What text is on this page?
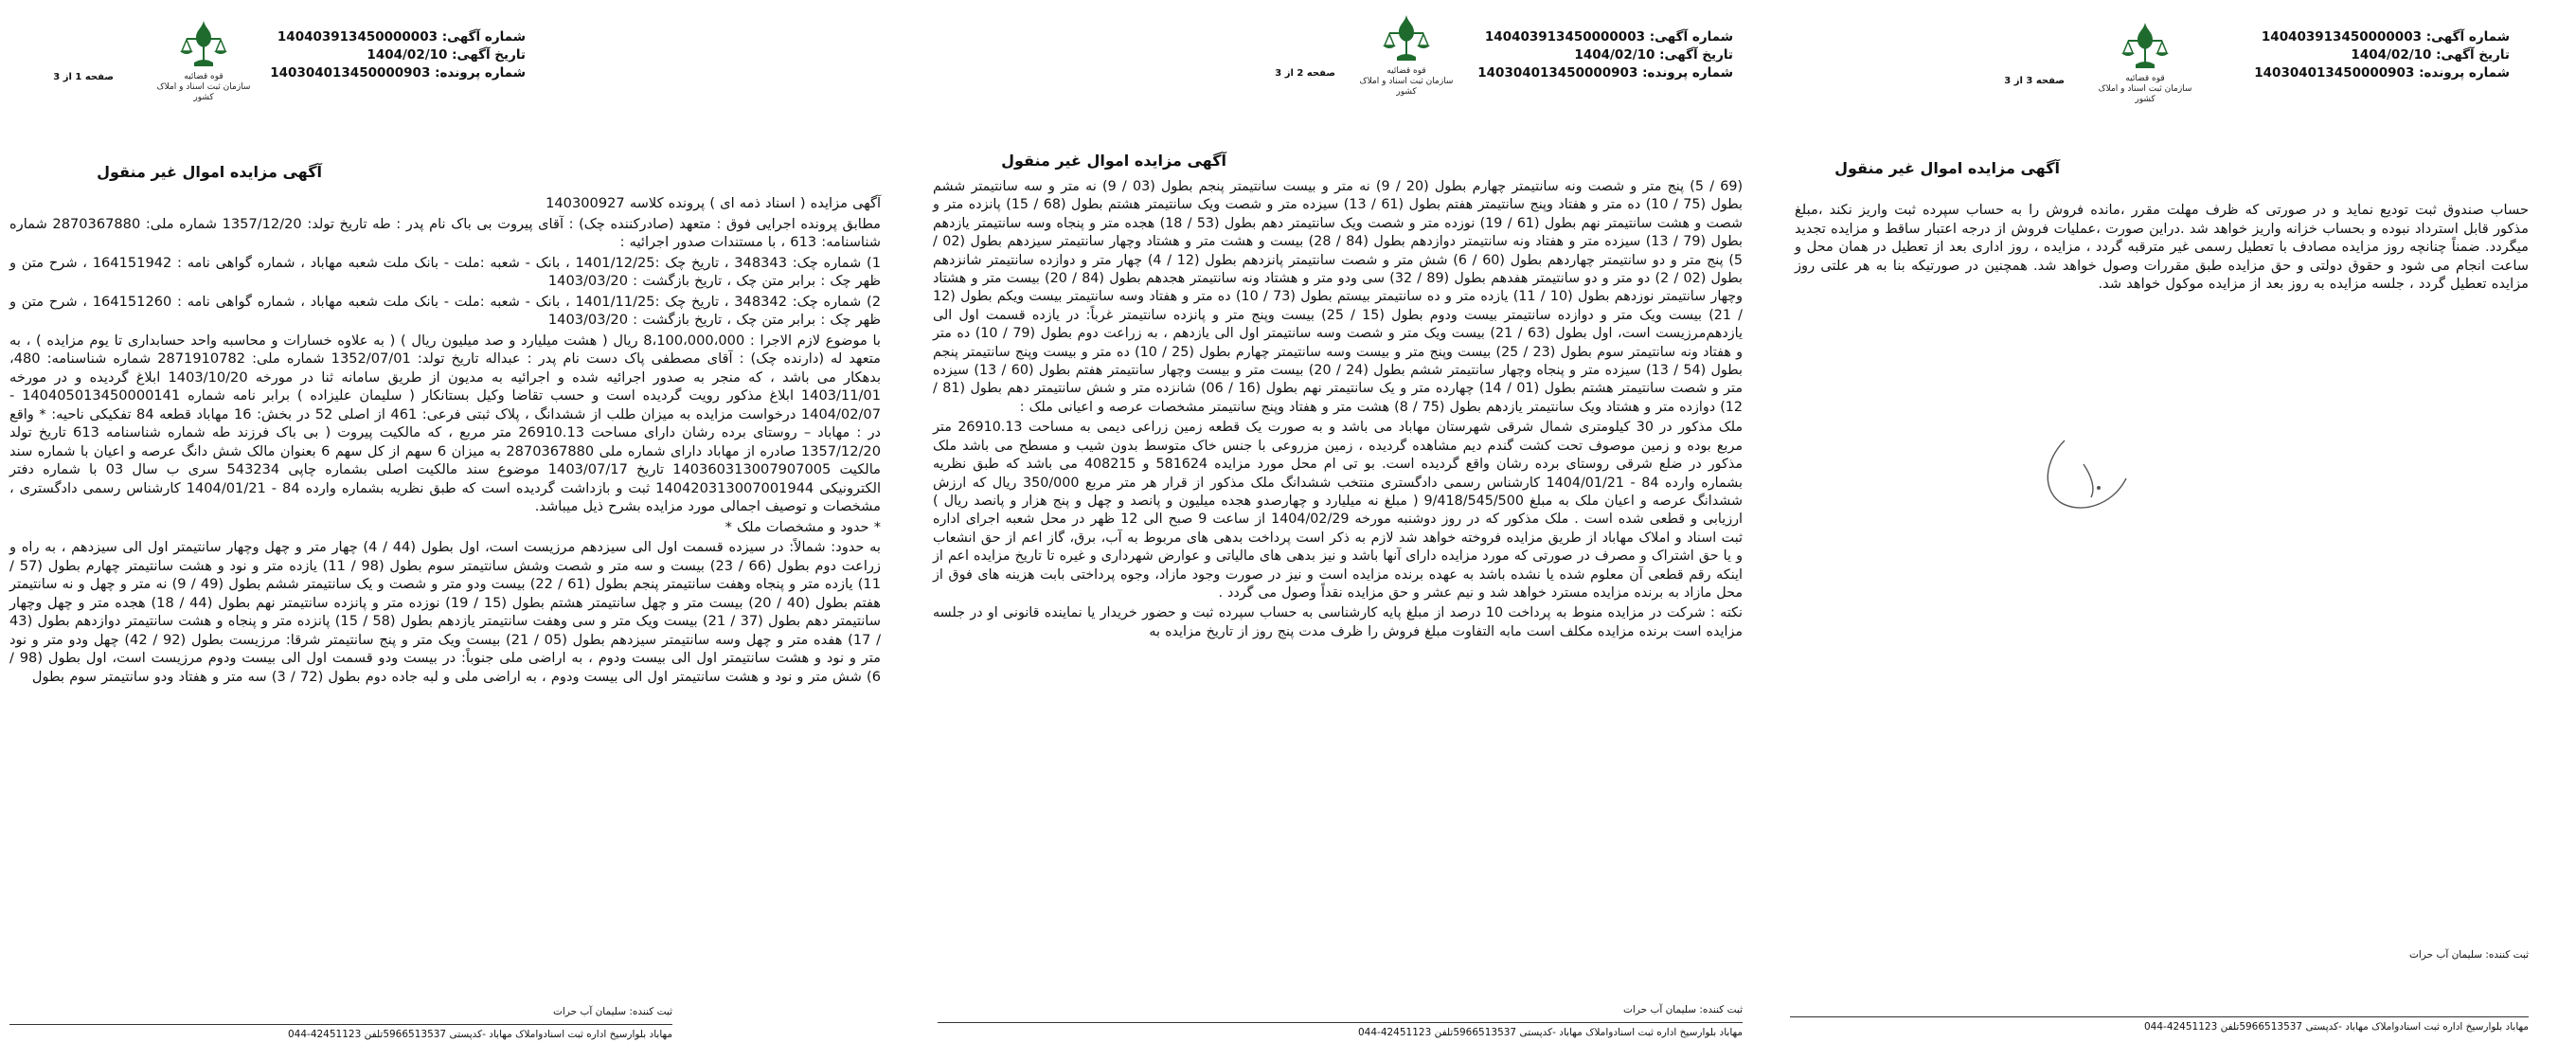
شماره آگهی: 140403913450000003
تاریخ آگهی: 1404/02/10
شماره پرونده: 140304013450000903
قوه قضائیه
سازمان ثبت اسناد و املاک کشور
صفحه 3 از 3
آگهی مزایده اموال غیر منقول

حساب صندوق ثبت تودیع نماید و در صورتی که ظرف مهلت مقرر ،مانده فروش را به حساب سپرده ثبت واریز نکند ،مبلغ مذکور قابل استرداد نبوده و بحساب خزانه واریز خواهد شد .دراین صورت ،عملیات فروش از درجه اعتبار ساقط و مزایده تجدید میگردد. ضمناً چنانچه روز مزایده مصادف با تعطیل رسمی غیر مترقبه گردد ، مزایده ، روز اداری بعد از تعطیل در همان محل و ساعت انجام می شود و حقوق دولتی و حق مزایده طبق مقررات وصول خواهد شد. همچنین در صورتیکه بنا به هر علتی روز مزایده تعطیل گردد ، جلسه مزایده به روز بعد از مزایده موکول خواهد شد.

ثبت کننده: سلیمان آب حرات
مهاباد بلوارسیخ اداره ثبت اسنادواملاک مهاباد -کدپستی 5966513537تلفن 42451123-044
شماره آگهی: 140403913450000003
تاریخ آگهی: 1404/02/10
شماره پرونده: 140304013450000903
قوه قضائیه
سازمان ثبت اسناد و املاک کشور
صفحه 2 از 3
آگهی مزایده اموال غیر منقول

(69 / 5) پنج متر و شصت ونه سانتیمتر چهارم بطول (20 / 9) نه متر و بیست سانتیمتر پنجم بطول (03 / 9) نه متر و سه سانتیمتر ششم بطول (75 / 10) ده متر و هفتاد وپنج سانتیمتر هفتم بطول (61 / 13) سیزده متر و شصت ویک سانتیمتر هشتم بطول (68 / 15) پانزده متر و شصت و هشت سانتیمتر نهم بطول (61 / 19) نوزده متر و شصت ویک سانتیمتر دهم بطول (53 / 18) هجده متر و پنجاه وسه سانتیمتر یازدهم بطول (79 / 13) سیزده متر و هفتاد ونه سانتیمتر دوازدهم بطول (84 / 28) بیست و هشت متر و هشتاد وچهار سانتیمتر سیزدهم بطول (02 / 5) پنج متر و دو سانتیمتر چهاردهم بطول (60 / 6) شش متر و شصت سانتیمتر پانزدهم بطول (12 / 4) چهار متر و دوازده سانتیمتر شانزدهم بطول (02 / 2) دو متر و دو سانتیمتر هفدهم بطول (89 / 32) سی ودو متر و هشتاد ونه سانتیمتر هجدهم بطول (84 / 20) بیست متر و هشتاد وچهار سانتیمتر نوزدهم بطول (10 / 11) یازده متر و ده سانتیمتر بیستم بطول (73 / 10) ده متر و هفتاد وسه سانتیمتر بیست ویکم بطول (12 / 21) بیست ویک متر و دوازده سانتیمتر بیست ودوم بطول (15 / 25) بیست وپنج متر و پانزده سانتیمتر غرباً: در یازده قسمت اول الی یازدهم‌مرزیست است، اول بطول (63 / 21) بیست ویک متر و شصت وسه سانتیمتر اول الی یازدهم ، به زراعت دوم بطول (79 / 10) ده متر و هفتاد ونه سانتیمتر سوم بطول (23 / 25) بیست وپنج متر و بیست وسه سانتیمتر چهارم بطول (25 / 10) ده متر و بیست وپنج سانتیمتر پنجم بطول (54 / 13) سیزده متر و پنجاه وچهار سانتیمتر ششم بطول (24 / 20) بیست متر و بیست وچهار سانتیمتر هفتم بطول (60 / 13) سیزده متر و شصت سانتیمتر هشتم بطول (01 / 14) چهارده متر و یک سانتیمتر نهم بطول (16 / 06) شانزده متر و شش سانتیمتر دهم بطول (81 / 12) دوازده متر و هشتاد ویک سانتیمتر یازدهم بطول (75 / 8) هشت متر و هفتاد وپنج سانتیمتر مشخصات عرصه و اعیانی ملک :

ملک مذکور در 30 کیلومتری شمال شرقی شهرستان مهاباد می باشد و به صورت یک قطعه زمین زراعی دیمی به مساحت 26910.13 متر مربع بوده و زمین موصوف تحت کشت گندم دیم مشاهده گردیده ، زمین مزروعی با جنس خاک متوسط بدون شیب و مسطح می باشد ملک مذکور در ضلع شرقی روستای برده رشان واقع گردیده است. بو تی ام محل مورد مزایده 581624 و 408215 می باشد که طبق نظریه بشماره وارده 84 - 1404/01/21 کارشناس رسمی دادگستری منتخب ششدانگ ملک مذکور از قرار هر متر مربع 350/000 ریال که ارزش ششدانگ عرصه و اعیان ملک به مبلغ 9/418/545/500 ( مبلغ نه میلیارد و چهارصدو هجده میلیون و پانصد و چهل و پنج هزار و پانصد ریال ) ارزیابی و قطعی شده است . ملک مذکور که در روز دوشنبه مورخه 1404/02/29 از ساعت 9 صبح الی 12 ظهر در محل شعبه اجرای اداره ثبت اسناد و املاک مهاباد از طریق مزایده فروخته خواهد شد لازم به ذکر است پرداخت بدهی های مربوط به آب، برق، گاز اعم از حق انشعاب و یا حق اشتراک و مصرف در صورتی که مورد مزایده دارای آنها باشد و نیز بدهی های مالیاتی و عوارض شهرداری و غیره تا تاریخ مزایده اعم از اینکه رقم قطعی آن معلوم شده یا نشده باشد به عهده برنده مزایده است و نیز در صورت وجود مازاد، وجوه پرداختی بابت هزینه های فوق از محل مازاد به برنده مزایده مسترد خواهد شد و نیم عشر و حق مزایده نقداً وصول می گردد .

نکته : شرکت در مزایده منوط به پرداخت 10 درصد از مبلغ پایه کارشناسی به حساب سپرده ثبت و حضور خریدار یا نماینده قانونی او در جلسه مزایده است برنده مزایده مکلف است مابه التفاوت مبلغ فروش را ظرف مدت پنج روز از تاریخ مزایده به

ثبت کننده: سلیمان آب حرات
مهاباد بلوارسیخ اداره ثبت اسنادواملاک مهاباد -کدپستی 5966513537تلفن 42451123-044
شماره آگهی: 140403913450000003
تاریخ آگهی: 1404/02/10
شماره پرونده: 140304013450000903
قوه قضائیه
سازمان ثبت اسناد و املاک کشور
صفحه 1 از 3
آگهی مزایده اموال غیر منقول

آگهی مزایده ( اسناد ذمه ای ) پرونده کلاسه 140300927

مطابق پرونده اجرایی فوق : متعهد (صادرکننده چک) : آقای پیروت بی باک نام پدر : طه تاریخ تولد: 1357/12/20 شماره ملی: 2870367880 شماره شناسنامه: 613 ، با مستندات صدور اجرائیه :

1) شماره چک: 348343 ، تاریخ چک :1401/12/25 ، بانک - شعبه :ملت - بانک ملت شعبه مهاباد ، شماره گواهی نامه : 164151942 ، شرح متن و ظهر چک : برابر متن چک ، تاریخ بازگشت : 1403/03/20

2) شماره چک: 348342 ، تاریخ چک :1401/11/25 ، بانک - شعبه :ملت - بانک ملت شعبه مهاباد ، شماره گواهی نامه : 164151260 ، شرح متن و ظهر چک : برابر متن چک ، تاریخ بازگشت : 1403/03/20

با موضوع لازم الاجرا : 8،100،000،000 ریال ( هشت میلیارد و صد میلیون ریال ) ( به علاوه خسارات و محاسبه واحد حسابداری تا یوم مزایده ) ، به متعهد له (دارنده چک) : آقای مصطفی پاک دست نام پدر : عبداله تاریخ تولد: 1352/07/01 شماره ملی: 2871910782 شماره شناسنامه: 480، بدهکار می باشد ، که منجر به صدور اجرائیه شده و اجرائیه به مدیون از طریق سامانه ثنا در مورخه 1403/10/20 ابلاغ گردیده و در مورخه 1403/11/01 ابلاغ مذکور رویت گردیده است و حسب تقاضا وکیل بستانکار ( سلیمان علیزاده ) برابر نامه شماره 140405013450000141 - 1404/02/07 درخواست مزایده به میزان طلب از ششدانگ ، پلاک ثبتی فرعی: 461 از اصلی 52 در بخش: 16 مهاباد قطعه 84 تفکیکی ناحیه: * واقع در : مهاباد – روستای برده رشان دارای مساحت 26910.13 متر مربع ، که مالکیت پیروت ( بی باک فرزند طه شماره شناسنامه 613 تاریخ تولد 1357/12/20 صادره از مهاباد دارای شماره ملی 2870367880 به میزان 6 سهم از کل سهم 6 بعنوان مالک شش دانگ عرصه و اعیان با شماره سند مالکیت 140360313007907005 تاریخ 1403/07/17 موضوع سند مالکیت اصلی بشماره چاپی 543234 سری ب سال 03 با شماره دفتر الکترونیکی 140420313007001944 ثبت و بازداشت گردیده است که طبق نظریه بشماره وارده 84 - 1404/01/21 کارشناس رسمی دادگستری ، مشخصات و توصیف اجمالی مورد مزایده بشرح ذیل میباشد.

* حدود و مشخصات ملک *

به حدود: شمالاً: در سیزده قسمت اول الی سیزدهم مرزیست است، اول بطول (44 / 4) چهار متر و چهل وچهار سانتیمتر اول الی سیزدهم ، به راه و زراعت دوم بطول (66 / 23) بیست و سه متر و شصت وشش سانتیمتر سوم بطول (98 / 11) یازده متر و نود و هشت سانتیمتر چهارم بطول (57 / 11) یازده متر و پنجاه وهفت سانتیمتر پنجم بطول (61 / 22) بیست ودو متر و شصت و یک سانتیمتر ششم بطول (49 / 9) نه متر و چهل و نه سانتیمتر هفتم بطول (40 / 20) بیست متر و چهل سانتیمتر هشتم بطول (15 / 19) نوزده متر و پانزده سانتیمتر نهم بطول (44 / 18) هجده متر و چهل وچهار سانتیمتر دهم بطول (37 / 21) بیست ویک متر و سی وهفت سانتیمتر یازدهم بطول (58 / 15) پانزده متر و پنجاه و هشت سانتیمتر دوازدهم بطول (43 / 17) هفده متر و چهل وسه سانتیمتر سیزدهم بطول (05 / 21) بیست ویک متر و پنج سانتیمتر شرقا: مرزیست بطول (92 / 42) چهل ودو متر و نود متر و نود و هشت سانتیمتر اول الی بیست ودوم ، به اراضی ملی جنوباً: در بیست ودو قسمت اول الی بیست ودوم مرزیست است، اول بطول (98 / 6) شش متر و نود و هشت سانتیمتر اول الی بیست ودوم ، به اراضی ملی و لبه جاده دوم بطول (72 / 3) سه متر و هفتاد ودو سانتیمتر سوم بطول

ثبت کننده: سلیمان آب حرات
مهاباد بلوارسیخ اداره ثبت اسنادواملاک مهاباد -کدپستی 5966513537تلفن 42451123-044
